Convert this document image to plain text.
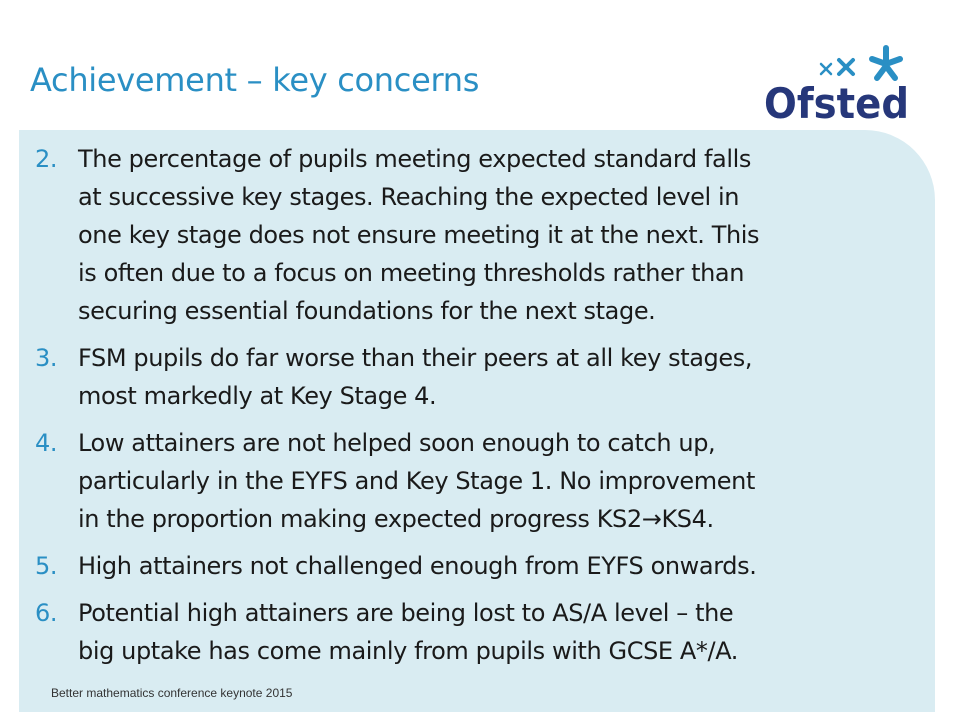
Achievement – key concerns	Ofsted
2. The percentage of pupils meeting expected standard falls
at successive key stages. Reaching the expected level in
one key stage does not ensure meeting it at the next. This
is often due to a focus on meeting thresholds rather than
securing essential foundations for the next stage.
3. FSM pupils do far worse than their peers at all key stages,
most markedly at Key Stage 4.
4. Low attainers are not helped soon enough to catch up,
particularly in the EYFS and Key Stage 1. No improvement
in the proportion making expected progress KS2→KS4.
5. High attainers not challenged enough from EYFS onwards.
6. Potential high attainers are being lost to AS/A level – the
big uptake has come mainly from pupils with GCSE A*/A.
Better mathematics conference keynote 2015
